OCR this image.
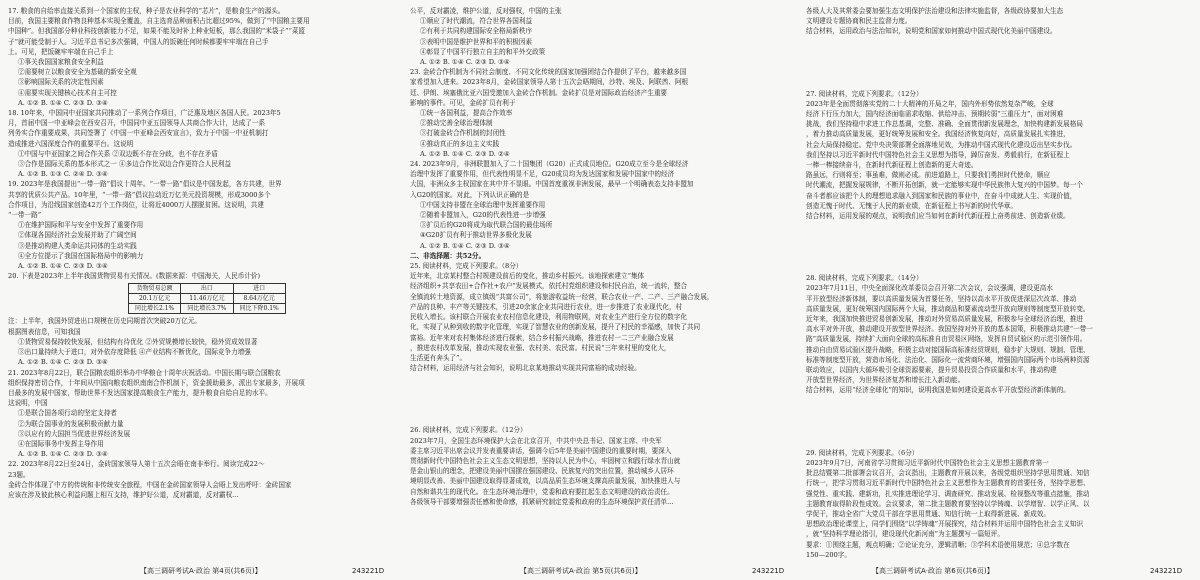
17. 粮食的自给率直接关系到一个国家的主权，种子是农业科学的“芯片”，是粮食生产的源头。

目前，我国主要粮食作物良种基本实现全覆盖，自主选育品种面积占比超过95%，做到了“中国粮主要用

中国种”。但我国部分种业科技创新能力不足，如果不能及时补上种业短板，那么我国的“米袋子”“菜篮

子”就可能受制于人。习近平总书记多次强调，中国人的饭碗任何时候都要牢牢端在自己手

上。可见，把饭碗牢牢端在自己手上

①事关我国国家粮食安全利益

②需要树立以粮食安全为基础的新安全观

③影响国际关系的决定性因素

④需要实现关键核心技术自主可控

A. ①② B. ①④ C. ②③ D. ③④

18. 10年来，中国同中亚国家共同推动了一系列合作项目，广泛惠及地区各国人民。2023年5

月，首届中国一中亚峰会在西安召开，中国同中亚五国领导人共商合作大计，达成了一系

列务实合作重要成果，共同签署了《中国一中亚峰会西安宣言》，致力于中国一中亚机制打

造成推进六国深度合作的重要平台。这说明

①中国与中亚国家之间合作关系 ②双边既不存在分歧，也不存在矛盾

③合作是国际关系的基本形式之一 ④多边合作比双边合作更符合人民利益

A. ①② B. ①③ C. ②④ D. ③④

19. 2023年是我国提出“一带一路”倡议十周年。“一带一路”倡议是中国发起，各方共建，世界

共享的优质公共产品。10年里，“一带一路”倡议拉动近万亿美元投资规模，形成3000多个

合作项目，为沿线国家创造42万个工作岗位，让将近4000万人摆脱贫困。这说明，共建

“一带一路”

①在维护国际和平与安全中发挥了重要作用

②体现各国经济社会发展并助了广阔空间

③是推动构建人类命运共同体的生动实践

④全方位提示了我国在国际格局中的影响力

A. ①② B. ①④ C. ②③ D. ③④

20. 下表是2023年上半年我国货物贸易有关情况。(数据来源：中国海关，人民币计价)

货物贸易总额	出口	进口
20.1万亿元	11.46万亿元	8.64万亿元
同比增长2.1%	同比增长3.7%	同比下降0.1%

注：上半年，我国外贸进出口规模在历史同期首次突破20万亿元。

根据图表信息，可知我国

①货物贸易保持较快发展，但结构有待优化 ②外贸规模增长较快，稳外贸成效显著

③出口量持续大于进口，对外依存度降低 ④产业结构不断优化，国际竞争力增强

A. ①② B. ①④ C. ②③ D. ③④

21. 2023年8月22日，联合国粮农组织举办中华粮仓十周年庆祝活动。中国长期与联合国粮农

组织保持密切合作，十年间从中国向粮农组织南南合作机制下，资金援助最多，派出专家最多，开展项

目最多的发展中国家，帮助世界不发达国家提高粮食生产能力，提升粮食自给自足的水平。

这说明，中国

①是联合国各项行动的坚定支持者

②为联合国事业的发展积极贡献力量

③以应有的大国担当促进世界经济发展

④在国际事务中发挥主导作用

A. ①② B. ①④ C. ②③ D. ③④

22. 2023年8月22日至24日，金砖国家领导人第十五次会晤在南非举行。阅读完成22～

23题。

金砖合作体现了中方的传统和非传统安全旅程，中国在金砖国家领导人会晤上发出呼吁：金砖国家

应该在涉及彼此核心利益问题上相互支持，维护好公道，反对霸道，反对霸权...

公平，反对霸凌，维护公道，反对强权，中国的主张

①顺应了时代潮流，符合世界各国利益

②有利于共同构建国际安全格局新秩序

③表明中国是维护世界和平的积极因素

④彰显了中国平行独立自主的和平外交政策

A. ①② B. ①④ C. ②③ D. ③④

23. 金砖合作机制为不同社会制度、不同文化传统的国家加强团结合作提供了平台，越来越多国

家希望加入进来。2023年8月，金砖国家领导人第十五次会晤期间，沙特、埃及、阿联酋、阿根

廷、伊朗、埃塞俄比亚六国受邀加入金砖合作机制。金砖扩员是对国际政治经济产生重要

影响的事件。可见，金砖扩员有利于

①统一各国利益，提高合作效率

②推动完善全球治理体制

③打破金砖合作机制的封闭性

④推动真正的多边主义实践

A. ①② B. ①④ C. ②③ D. ②④

24. 2023年9月，非洲联盟加入了二十国集团（G20）正式成员地位。G20成立至今是全球经济

治理中发挥了重要作用，但代表性明显不足，G20成员均为发达国家和发展中国家中的经济

大国，非洲众多主权国家在其中并不显眼。中国首度重视非洲发展，最早一个明确表态支持非盟加

入G20的国家。对此，下列认识正确的是

①中国支持非盟在全球治理中发挥重要作用

②随着非盟加入，G20的代表性进一步增强

③扩员后的G20将成为取代联合国的最佳场所

④G20扩员有利于推动世界多极化发展

A. ①② B. ①④ C. ②③ D. ③④

二、非选择题：共52分。

25. 阅读材料，完成下列要求。（8分）

近年来，北京某村整合村规建设前后的变化，推动乡村振兴。该地探索建立“集体

经济组织+共享农田+合作社+农户”发展模式，依托村党组织建设和村民自治，统一流转，整合

全镇流转土地资源，成立镇级“共富公司”，将旅游收益统一经营，联合农业一产、二产、三产融合发展，

产品的良种、丰产等关键技术，引进20余家企业共同进行农业，进一步推进了农业现代化，村

民收入增长。该村联合开展农业农村信息化建设，利用物联网，对农业生产进行全方位的数字化

化，实现了从种到收的数字化管理，实现了智慧农业的创新发展，提升了村民的幸福感，加快了共同

富裕。近年来对农村集体经济进行探索，结合乡村振兴战略，推进农村一二三产业融合发展

，推进农村改革发展，推动实现农业强、农村美、农民富。村民说“三年来村里的变化大，

生活更有奔头了”。

结合材料，运用经济与社会知识，说明北京某地推动实现共同富裕的成功经验。

26. 阅读材料，完成下列要求。（12分）

2023年7月，全国生态环境保护大会在北京召开，中共中央总书记、国家主席、中央军

委主席习近平出席会议并发表重要讲话，强调今后5年是美丽中国建设的重要时期，要深入

贯彻新时代中国特色社会主义生态文明思想，坚持以人民为中心，牢固树立和践行绿水青山就

是金山银山的理念，把建设美丽中国摆在强国建设、民族复兴的突出位置，推动城乡人居环

境明显改善、美丽中国建设取得显著成效，以高品质生态环境支撑高质量发展，加快推进人与

自然和谐共生的现代化。在生态环境治理中，党委和政府要扛起生态文明建设的政治责任。

各级领导干部要增强责任感和使命感，抓紧研究制定党委和政府的生态环境保护责任清单...

各级人大及其常委会要加强生态文明保护法治建设和法律实施监督，各级政协要加大生态

文明建设专题协商和民主监督力度。

结合材料，运用政治与法治知识，说明党和国家如何推动中国式现代化美丽中国建设。

27. 阅读材料，完成下列要求。（12分）

2023年是全面贯彻落实党的二十大精神的开局之年，国内外形势依然复杂严峻，全球

经济下行压力加大，国内经济面临需求收缩、供给冲击、预期转弱“三重压力”，面对困难

挑战，我们坚持稳中求进工作总基调，完整、准确、全面贯彻新发展理念，加快构建新发展格局

，着力推动高质量发展，更好统筹发展和安全。我国经济恢复向好，高质量发展扎实推进，

社会大局保持稳定。党中央决策部署全面落地见效，为推动中国式现代化建设迈出坚实步伐。

我们坚持以习近平新时代中国特色社会主义思想为指导，踔厉奋发、勇毅前行，在新征程上

一棒一棒接续奋斗，在新时代新征程上创造新的更大奇迹。

路虽远，行则将至；事虽难，做则必成。前进道路上，只要我们勇担时代使命，顺应

时代潮流，把握发展规律，不断开拓创新，就一定能够实现中华民族伟大复兴的中国梦。每一个

奋斗者都应该把个人的理想追求融入到国家和民族的事业中，在奋斗中成就人生、实现价值，

创造无愧于时代、无愧于人民的新业绩，在新征程上书写新的时代华章。

结合材料，运用发展的观点，说明我们应当如何在新时代新征程上奋勇前进、创造新业绩。

28. 阅读材料，完成下列要求。（14分）

2023年7月11日，中央全面深化改革委员会召开第二次会议，会议强调，建设更高水

平开放型经济新体制，要以高质量发展为首要任务，坚持以高水平开放促进深层次改革、推动

高质量发展，更好统筹国内国际两个大局，推动商品和要素流动型开放向规则等制度型开放转变。

近年来，我国加快推进贸易创新发展，推动对外贸易高质量发展，积极参与全球经济治理，推进

高水平对外开放，推动建设开放型世界经济。我国坚持对外开放的基本国策，积极推动共建“一带一

路”高质量发展，持续扩大面向全球的高标准自由贸易区网络，发挥自贸试验区的示范引领作用。

推动自由贸易试验区提升战略，积极主动对接国际高标准经贸规则，稳步扩大规则、规制、管理、

标准等制度型开放，营造市场化、法治化、国际化一流营商环境，增强国内国际两个市场两种资源

联动效应，以国内大循环吸引全球资源要素，提升贸易投资合作质量和水平，推动构建

开放型世界经济，为世界经济复苏和增长注入新动能。

结合材料，运用“经济全球化”的知识，说明我国是如何建设更高水平开放型经济新体制的。

29. 阅读材料，完成下列要求。（6分）

2023年9月7日，河南省学习贯彻习近平新时代中国特色社会主义思想主题教育第一

批总结暨第二批部署会议召开，会议指出，主题教育开展以来，各级党组织坚持学思用贯通、知信

行统一，把学习贯彻习近平新时代中国特色社会主义思想作为主题教育的首要任务，坚持学思想、

强党性、重实践、建新功，扎实推进理论学习、调查研究、推动发展、检视整改等重点措施，推动

主题教育取得阶段性成效。会议要求，第二批主题教育要坚持以学铸魂、以学增智、以学正风、以

学促干，推动全省广大党员干部在学思用贯通、知信行统一上取得新进展、新成效。

思想政治理论课堂上，同学们围绕“以学铸魂”开展探究，结合材料并运用中国特色社会主义知识

，就“坚持科学理论指引，建设现代化新河南”为主题撰写一篇短评。

要求：①围绕主题，观点明确；②论证充分，逻辑清晰；③学科术语使用规范；④总字数在

150—200字。

【高三调研考试A·政治 第4页(共6页)】	243221D	【高三调研考试A·政治 第5页(共6页)】	243221D	【高三调研考试A·政治 第6页(共6页)】	243221D
